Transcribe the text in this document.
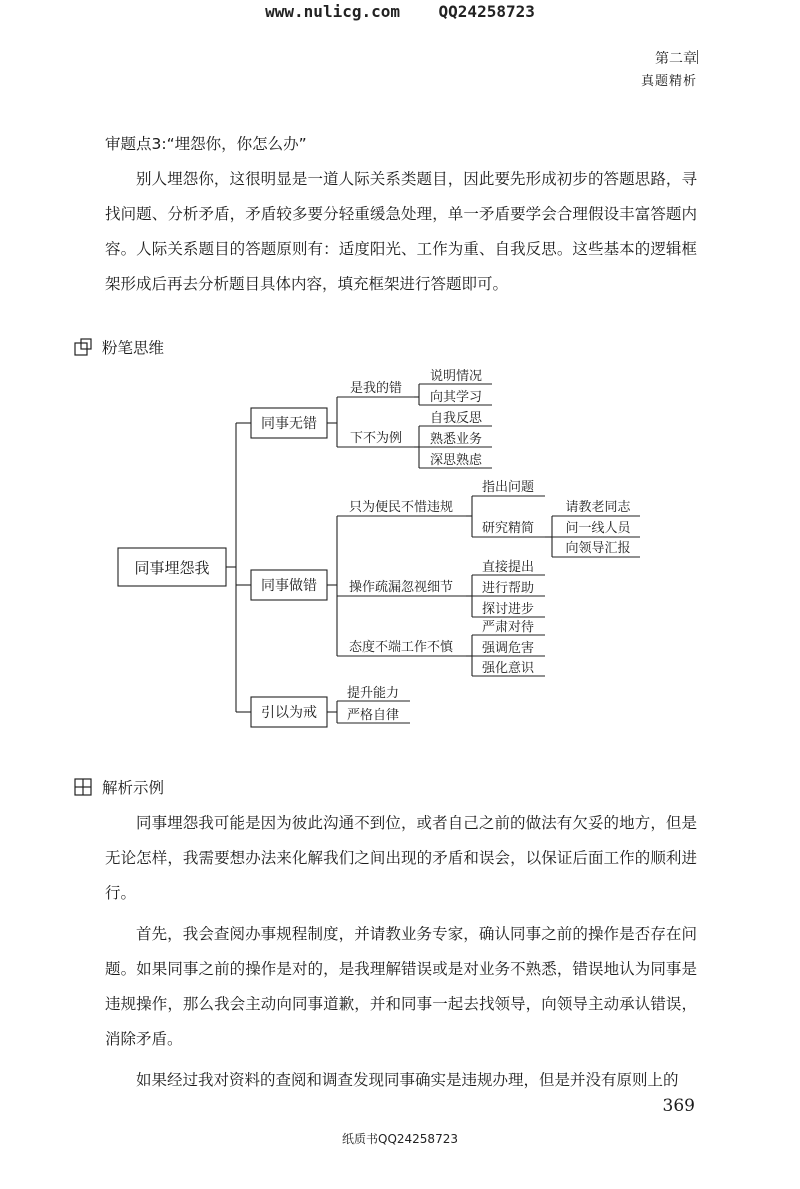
www.nulicg.com    QQ24258723
第二章
真题精析

审题点3:“埋怨你，你怎么办”

别人埋怨你，这很明显是一道人际关系类题目，因此要先形成初步的答题思路，寻找问题、分析矛盾，矛盾较多要分轻重缓急处理，单一矛盾要学会合理假设丰富答题内容。人际关系题目的答题原则有：适度阳光、工作为重、自我反思。这些基本的逻辑框架形成后再去分析题目具体内容，填充框架进行答题即可。

粉笔思维
同事埋怨我
同事无错
同事做错
引以为戒
是我的错
下不为例
说明情况
向其学习
自我反思
熟悉业务
深思熟虑
只为便民不惜违规
操作疏漏忽视细节
态度不端工作不慎
指出问题
研究精简
请教老同志
问一线人员
向领导汇报
直接提出
进行帮助
探讨进步
严肃对待
强调危害
强化意识
提升能力
严格自律
解析示例

同事埋怨我可能是因为彼此沟通不到位，或者自己之前的做法有欠妥的地方，但是无论怎样，我需要想办法来化解我们之间出现的矛盾和误会，以保证后面工作的顺利进行。

首先，我会查阅办事规程制度，并请教业务专家，确认同事之前的操作是否存在问题。如果同事之前的操作是对的，是我理解错误或是对业务不熟悉，错误地认为同事是违规操作，那么我会主动向同事道歉，并和同事一起去找领导，向领导主动承认错误，消除矛盾。

如果经过我对资料的查阅和调查发现同事确实是违规办理，但是并没有原则上的

369
纸质书QQ24258723
